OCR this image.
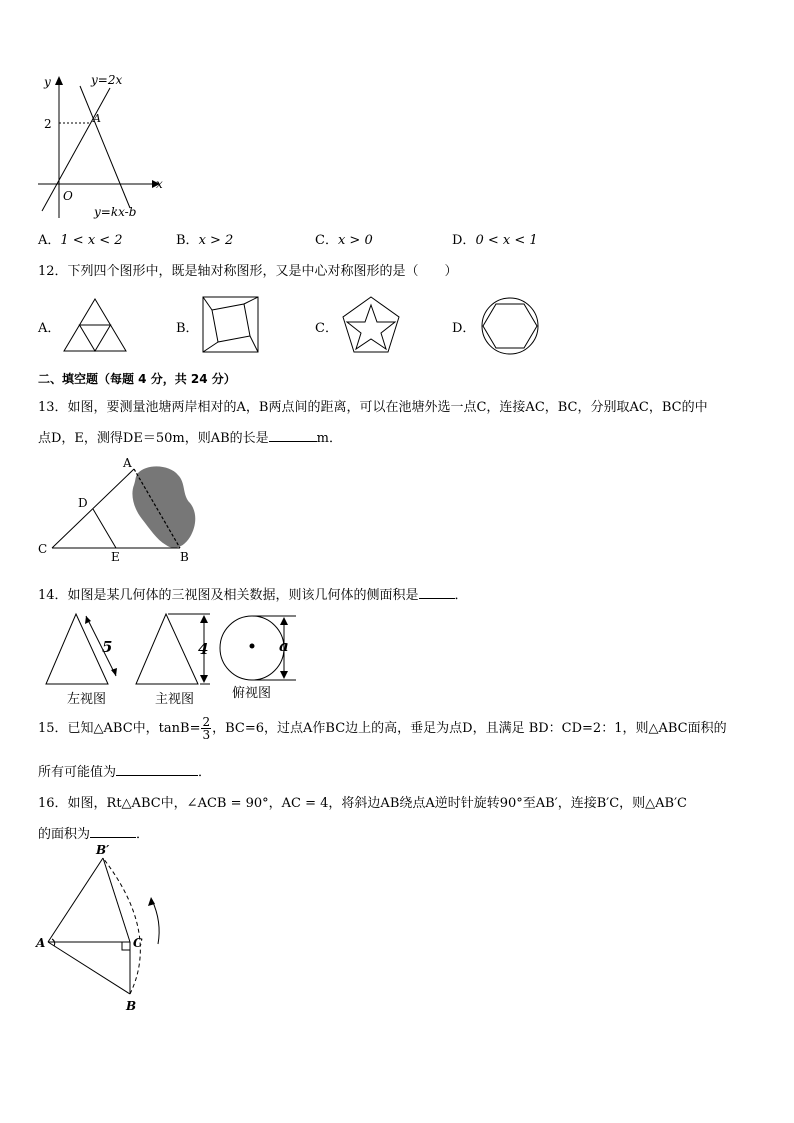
y
x
O
2	A
y=2x
y=kx-b
A．1 < x < 2	B．x > 2	C．x > 0	D．0 < x < 1
12．下列四个图形中，既是轴对称图形，又是中心对称图形的是（　　）
A．	B．	C．	D．
二、填空题（每题 4 分，共 24 分）
13．如图，要测量池塘两岸相对的A，B两点间的距离，可以在池塘外选一点C，连接AC，BC，分别取AC，BC的中
点D，E，测得DE＝50m，则AB的长是	m．
A
D
C
E	B
14．如图是某几何体的三视图及相关数据，则该几何体的侧面积是	．
5	4	a
左视图	主视图	俯视图
15．已知△ABC中，$\tan B= \frac{2}{3}$ ，BC=6，过点A作BC边上的高，垂足为点D，且满足 BD：CD=2：1，则△ABC面积的
所有可能值为	．
16．如图，Rt△ABC中，∠ACB = 90°，AC = 4，将斜边AB绕点A逆时针旋转90°至AB′，连接B′C，则△AB′C
的面积为	．
B′
A	C
B
